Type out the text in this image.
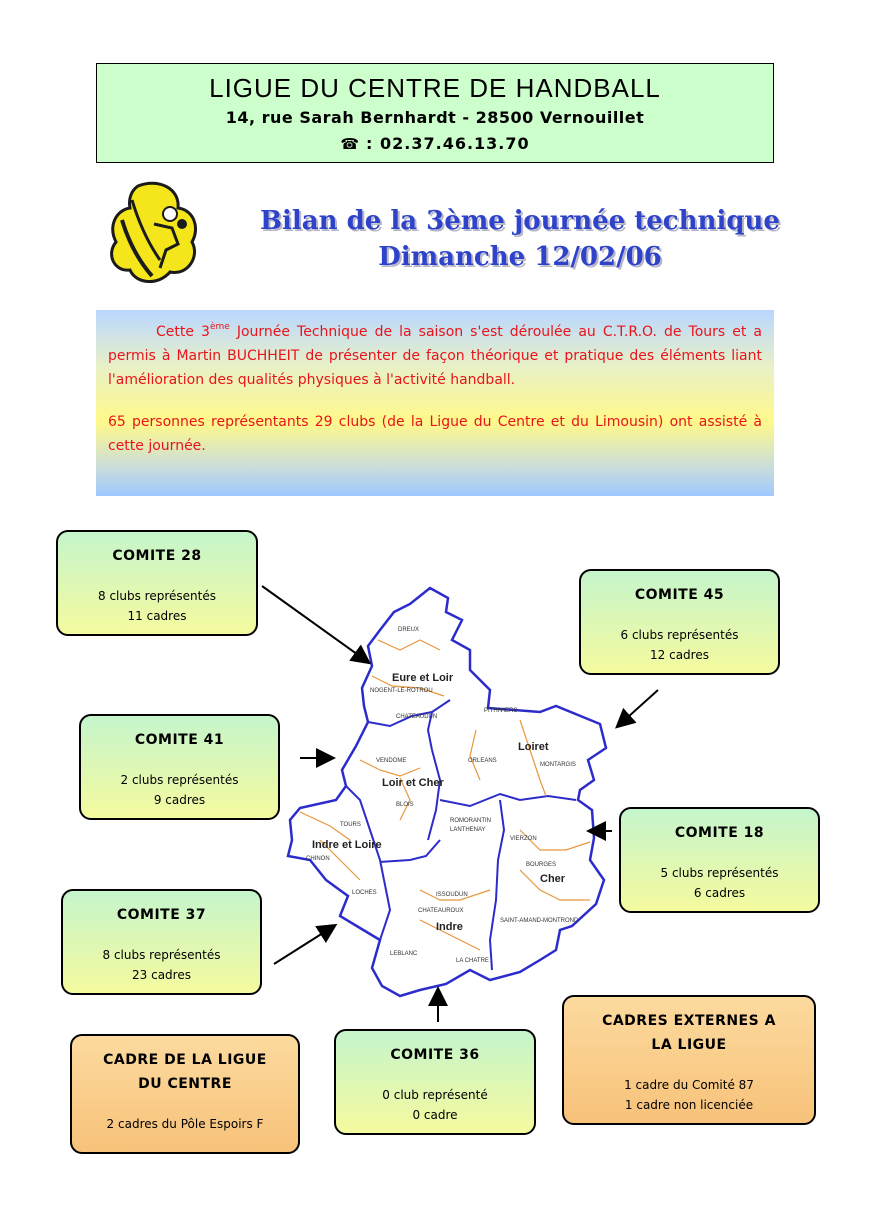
LIGUE DU CENTRE DE HANDBALL
14, rue Sarah Bernhardt - 28500 Vernouillet
☎ : 02.37.46.13.70
Bilan de la 3ème journée technique
Dimanche 12/02/06

Cette 3ème Journée Technique de la saison s'est déroulée au C.T.R.O. de Tours et a permis à Martin BUCHHEIT de présenter de façon théorique et pratique des éléments liant l'amélioration des qualités physiques à l'activité handball.

65 personnes représentants 29 clubs (de la Ligue du Centre et du Limousin) ont assisté à cette journée.

Eure et Loir
Loiret
Loir et Cher
Indre et Loire
Cher
Indre
DREUX
NOGENT-LE-ROTROU
CHATEAUDUN
PITHIVIERS
ORLEANS
MONTARGIS
VENDOME
BLOIS
ROMORANTIN
LANTHENAY
TOURS
CHINON
VIERZON
BOURGES
LOCHES	ISSOUDUN
CHATEAUROUX
SAINT-AMAND-MONTROND
LEBLANC
LA CHATRE
COMITE 28
8 clubs représentés
11 cadres
COMITE 45
6 clubs représentés
12 cadres
COMITE 41
2 clubs représentés
9 cadres
COMITE 18
5 clubs représentés
6 cadres
COMITE 37
8 clubs représentés
23 cadres
COMITE 36
0 club représenté
0 cadre
CADRE DE LA LIGUE
DU CENTRE
2 cadres du Pôle Espoirs F
CADRES EXTERNES A
LA LIGUE
1 cadre du Comité 87
1 cadre non licenciée
